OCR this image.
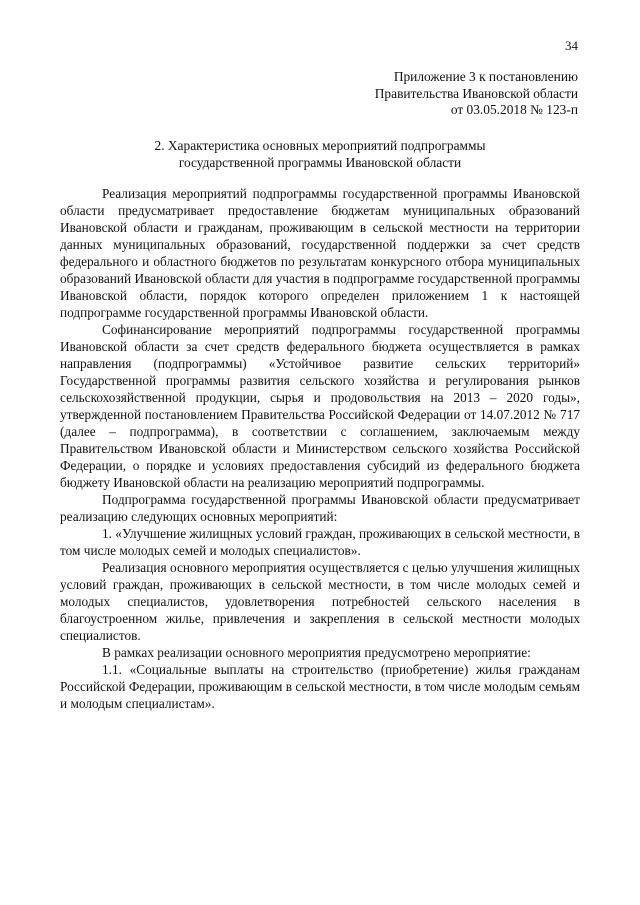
34
Приложение 3 к постановлению
Правительства Ивановской области
от 03.05.2018 № 123-п
2. Характеристика основных мероприятий подпрограммы
государственной программы Ивановской области

Реализация мероприятий подпрограммы государственной программы Ивановской области предусматривает предоставление бюджетам муниципальных образований Ивановской области и гражданам, проживающим в сельской местности на территории данных муниципальных образований, государственной поддержки за счет средств федерального и областного бюджетов по результатам конкурсного отбора муниципальных образований Ивановской области для участия в подпрограмме государственной программы Ивановской области, порядок которого определен приложением 1 к настоящей подпрограмме государственной программы Ивановской области.

Софинансирование мероприятий подпрограммы государственной программы Ивановской области за счет средств федерального бюджета осуществляется в рамках направления (подпрограммы) «Устойчивое развитие сельских территорий» Государственной программы развития сельского хозяйства и регулирования рынков сельскохозяйственной продукции, сырья и продовольствия на 2013 – 2020 годы», утвержденной постановлением Правительства Российской Федерации от 14.07.2012 № 717 (далее – подпрограмма), в соответствии с соглашением, заключаемым между Правительством Ивановской области и Министерством сельского хозяйства Российской Федерации, о порядке и условиях предоставления субсидий из федерального бюджета бюджету Ивановской области на реализацию мероприятий подпрограммы.

Подпрограмма государственной программы Ивановской области предусматривает реализацию следующих основных мероприятий:

1. «Улучшение жилищных условий граждан, проживающих в сельской местности, в том числе молодых семей и молодых специалистов».

Реализация основного мероприятия осуществляется с целью улучшения жилищных условий граждан, проживающих в сельской местности, в том числе молодых семей и молодых специалистов, удовлетворения потребностей сельского населения в благоустроенном жилье, привлечения и закрепления в сельской местности молодых специалистов.

В рамках реализации основного мероприятия предусмотрено мероприятие:

1.1. «Социальные выплаты на строительство (приобретение) жилья гражданам Российской Федерации, проживающим в сельской местности, в том числе молодым семьям и молодым специалистам».
